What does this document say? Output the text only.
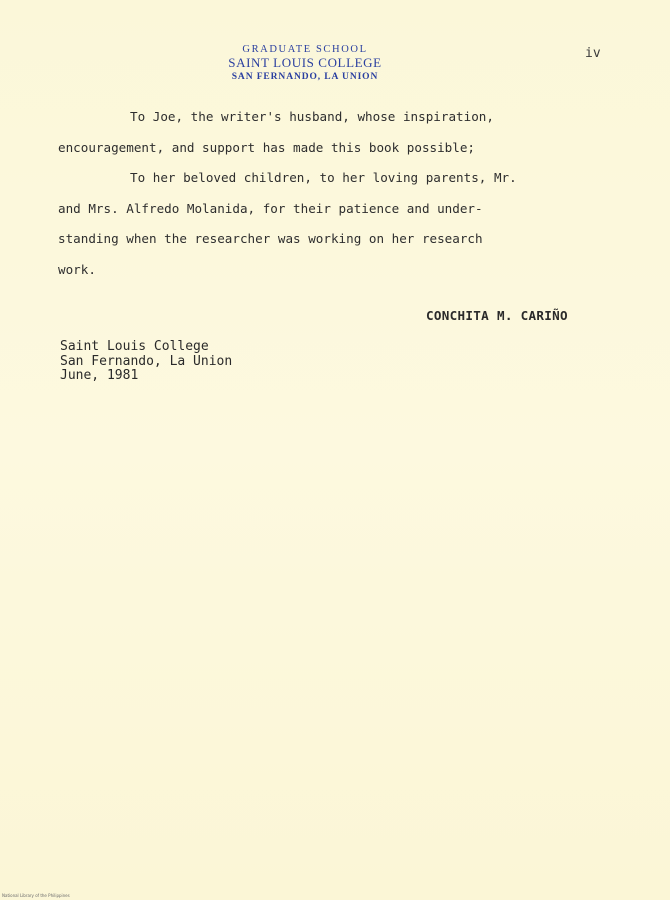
GRADUATE SCHOOL
SAINT LOUIS COLLEGE
SAN FERNANDO, LA UNION
iv

To Joe, the writer's husband, whose inspiration,

encouragement, and support has made this book possible;

To her beloved children, to her loving parents, Mr.

and Mrs. Alfredo Molanida, for their patience and under-

standing when the researcher was working on her research

work.

CONCHITA M. CARIÑO
Saint Louis College
San Fernando, La Union
June, 1981
National Library of the Philippines
